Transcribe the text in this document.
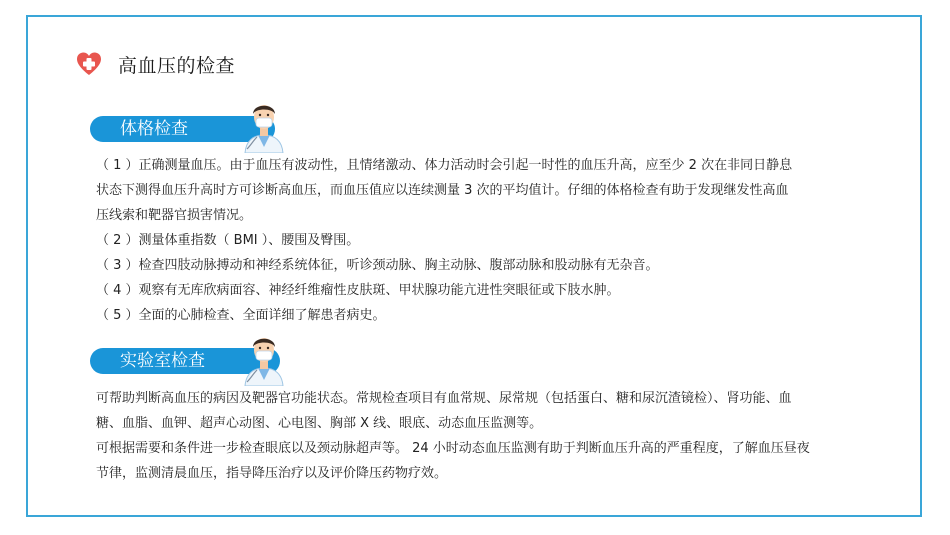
高血压的检查
体格检查

（ 1 ）正确测量血压。由于血压有波动性，且情绪激动、体力活动时会引起一时性的血压升高，应至少 2 次在非同日静息

状态下测得血压升高时方可诊断高血压，而血压值应以连续测量 3 次的平均值计。仔细的体格检查有助于发现继发性高血

压线索和靶器官损害情况。

（ 2 ）测量体重指数（ BMI ）、腰围及臀围。

（ 3 ）检查四肢动脉搏动和神经系统体征，听诊颈动脉、胸主动脉、腹部动脉和股动脉有无杂音。

（ 4 ）观察有无库欣病面容、神经纤维瘤性皮肤斑、甲状腺功能亢进性突眼征或下肢水肿。

（ 5 ）全面的心肺检查、全面详细了解患者病史。

实验室检查

可帮助判断高血压的病因及靶器官功能状态。常规检查项目有血常规、尿常规（包括蛋白、糖和尿沉渣镜检）、肾功能、血

糖、血脂、血钾、超声心动图、心电图、胸部 X 线、眼底、动态血压监测等。

可根据需要和条件进一步检查眼底以及颈动脉超声等。 24 小时动态血压监测有助于判断血压升高的严重程度，了解血压昼夜

节律，监测清晨血压，指导降压治疗以及评价降压药物疗效。
